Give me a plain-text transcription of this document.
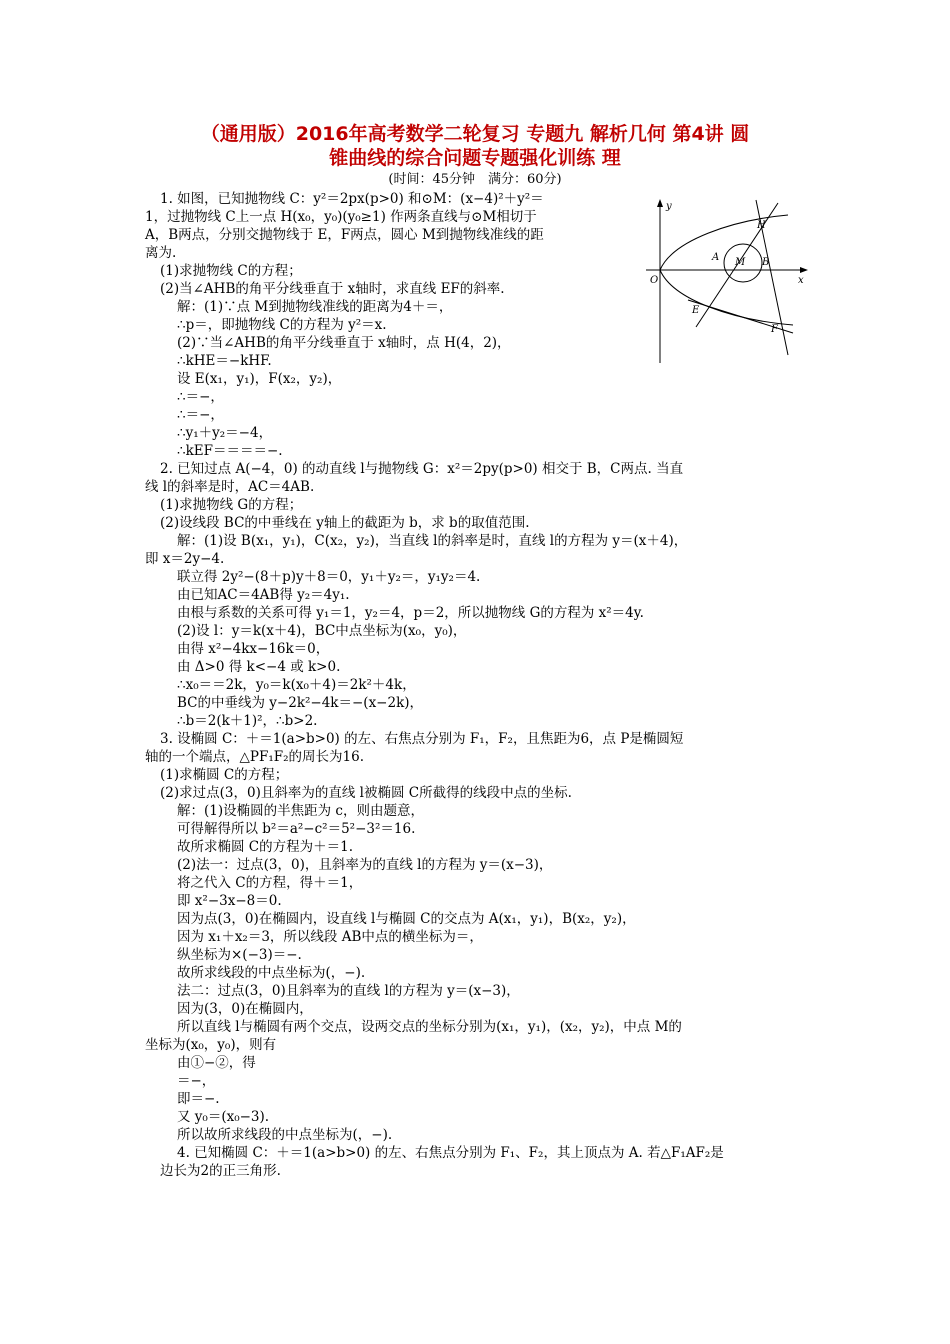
（通用版）2016年高考数学二轮复习 专题九 解析几何 第4讲 圆
锥曲线的综合问题专题强化训练 理
(时间：45分钟　满分：60分)
y
H
A M B
O	x
E
F
1. 如图，已知抛物线 C：y²＝2px(p>0) 和⊙M：(x−4)²＋y²＝
1，过抛物线 C上一点 H(x₀，y₀)(y₀≥1) 作两条直线与⊙M相切于
A，B两点，分别交抛物线于 E，F两点，圆心 M到抛物线准线的距
离为.
(1)求抛物线 C的方程；
(2)当∠AHB的角平分线垂直于 x轴时，求直线 EF的斜率.
解：(1)∵点 M到抛物线准线的距离为4＋＝，
∴p＝，即抛物线 C的方程为 y²＝x.
(2)∵当∠AHB的角平分线垂直于 x轴时，点 H(4，2)，
∴kHE＝−kHF.
设 E(x₁，y₁)，F(x₂，y₂)，
∴＝−，
∴＝−，
∴y₁＋y₂＝−4，
∴kEF＝＝＝＝−.
2. 已知过点 A(−4，0) 的动直线 l与抛物线 G：x²＝2py(p>0) 相交于 B，C两点. 当直
线 l的斜率是时，AC＝4AB.
(1)求抛物线 G的方程；
(2)设线段 BC的中垂线在 y轴上的截距为 b，求 b的取值范围.
解：(1)设 B(x₁，y₁)，C(x₂，y₂)，当直线 l的斜率是时，直线 l的方程为 y＝(x＋4)，
即 x＝2y−4.
联立得 2y²−(8＋p)y＋8＝0，y₁＋y₂＝，y₁y₂＝4.
由已知AC＝4AB得 y₂＝4y₁.
由根与系数的关系可得 y₁＝1，y₂＝4，p＝2，所以抛物线 G的方程为 x²＝4y.
(2)设 l：y＝k(x＋4)，BC中点坐标为(x₀，y₀)，
由得 x²−4kx−16k＝0，
由 Δ>0 得 k<−4 或 k>0.
∴x₀＝＝2k，y₀＝k(x₀＋4)＝2k²＋4k，
BC的中垂线为 y−2k²−4k＝−(x−2k)，
∴b＝2(k＋1)²，∴b>2.
3. 设椭圆 C：＋＝1(a>b>0) 的左、右焦点分别为 F₁，F₂，且焦距为6，点 P是椭圆短
轴的一个端点，△PF₁F₂的周长为16.
(1)求椭圆 C的方程；
(2)求过点(3，0)且斜率为的直线 l被椭圆 C所截得的线段中点的坐标.
解：(1)设椭圆的半焦距为 c，则由题意，
可得解得所以 b²＝a²−c²＝5²−3²＝16.
故所求椭圆 C的方程为＋＝1.
(2)法一：过点(3，0)，且斜率为的直线 l的方程为 y＝(x−3)，
将之代入 C的方程，得＋＝1，
即 x²−3x−8＝0.
因为点(3，0)在椭圆内，设直线 l与椭圆 C的交点为 A(x₁，y₁)，B(x₂，y₂)，
因为 x₁＋x₂＝3，所以线段 AB中点的横坐标为＝，
纵坐标为×(−3)＝−.
故所求线段的中点坐标为(，−).
法二：过点(3，0)且斜率为的直线 l的方程为 y＝(x−3)，
因为(3，0)在椭圆内，
所以直线 l与椭圆有两个交点，设两交点的坐标分别为(x₁，y₁)，(x₂，y₂)，中点 M的
坐标为(x₀，y₀)，则有
由①−②，得
＝−，
即＝−.
又 y₀＝(x₀−3).
所以故所求线段的中点坐标为(，−).
4. 已知椭圆 C：＋＝1(a>b>0) 的左、右焦点分别为 F₁、F₂，其上顶点为 A. 若△F₁AF₂是
边长为2的正三角形.
